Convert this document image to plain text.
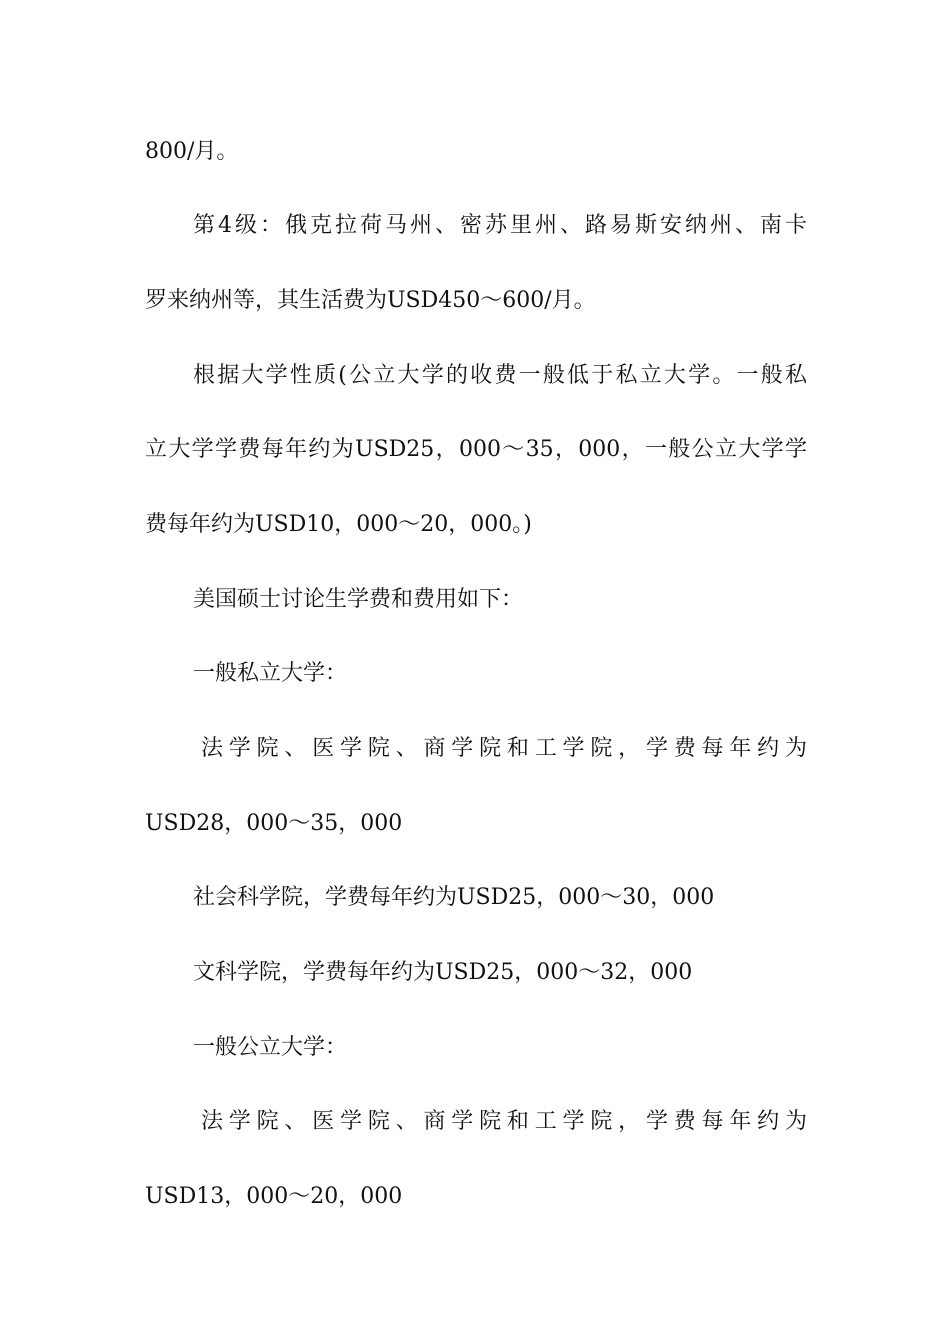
800/月。
第4级：俄克拉荷马州、密苏里州、路易斯安纳州、南卡
罗来纳州等，其生活费为USD450～600/月。
根据大学性质(公立大学的收费一般低于私立大学。一般私
立大学学费每年约为USD25，000～35，000，一般公立大学学
费每年约为USD10，000～20，000。)
美国硕士讨论生学费和费用如下：
一般私立大学：
法学院、医学院、商学院和工学院，学费每年约为
USD28，000～35，000
社会科学院，学费每年约为USD25，000～30，000
文科学院，学费每年约为USD25，000～32，000
一般公立大学：
法学院、医学院、商学院和工学院，学费每年约为
USD13，000～20，000
